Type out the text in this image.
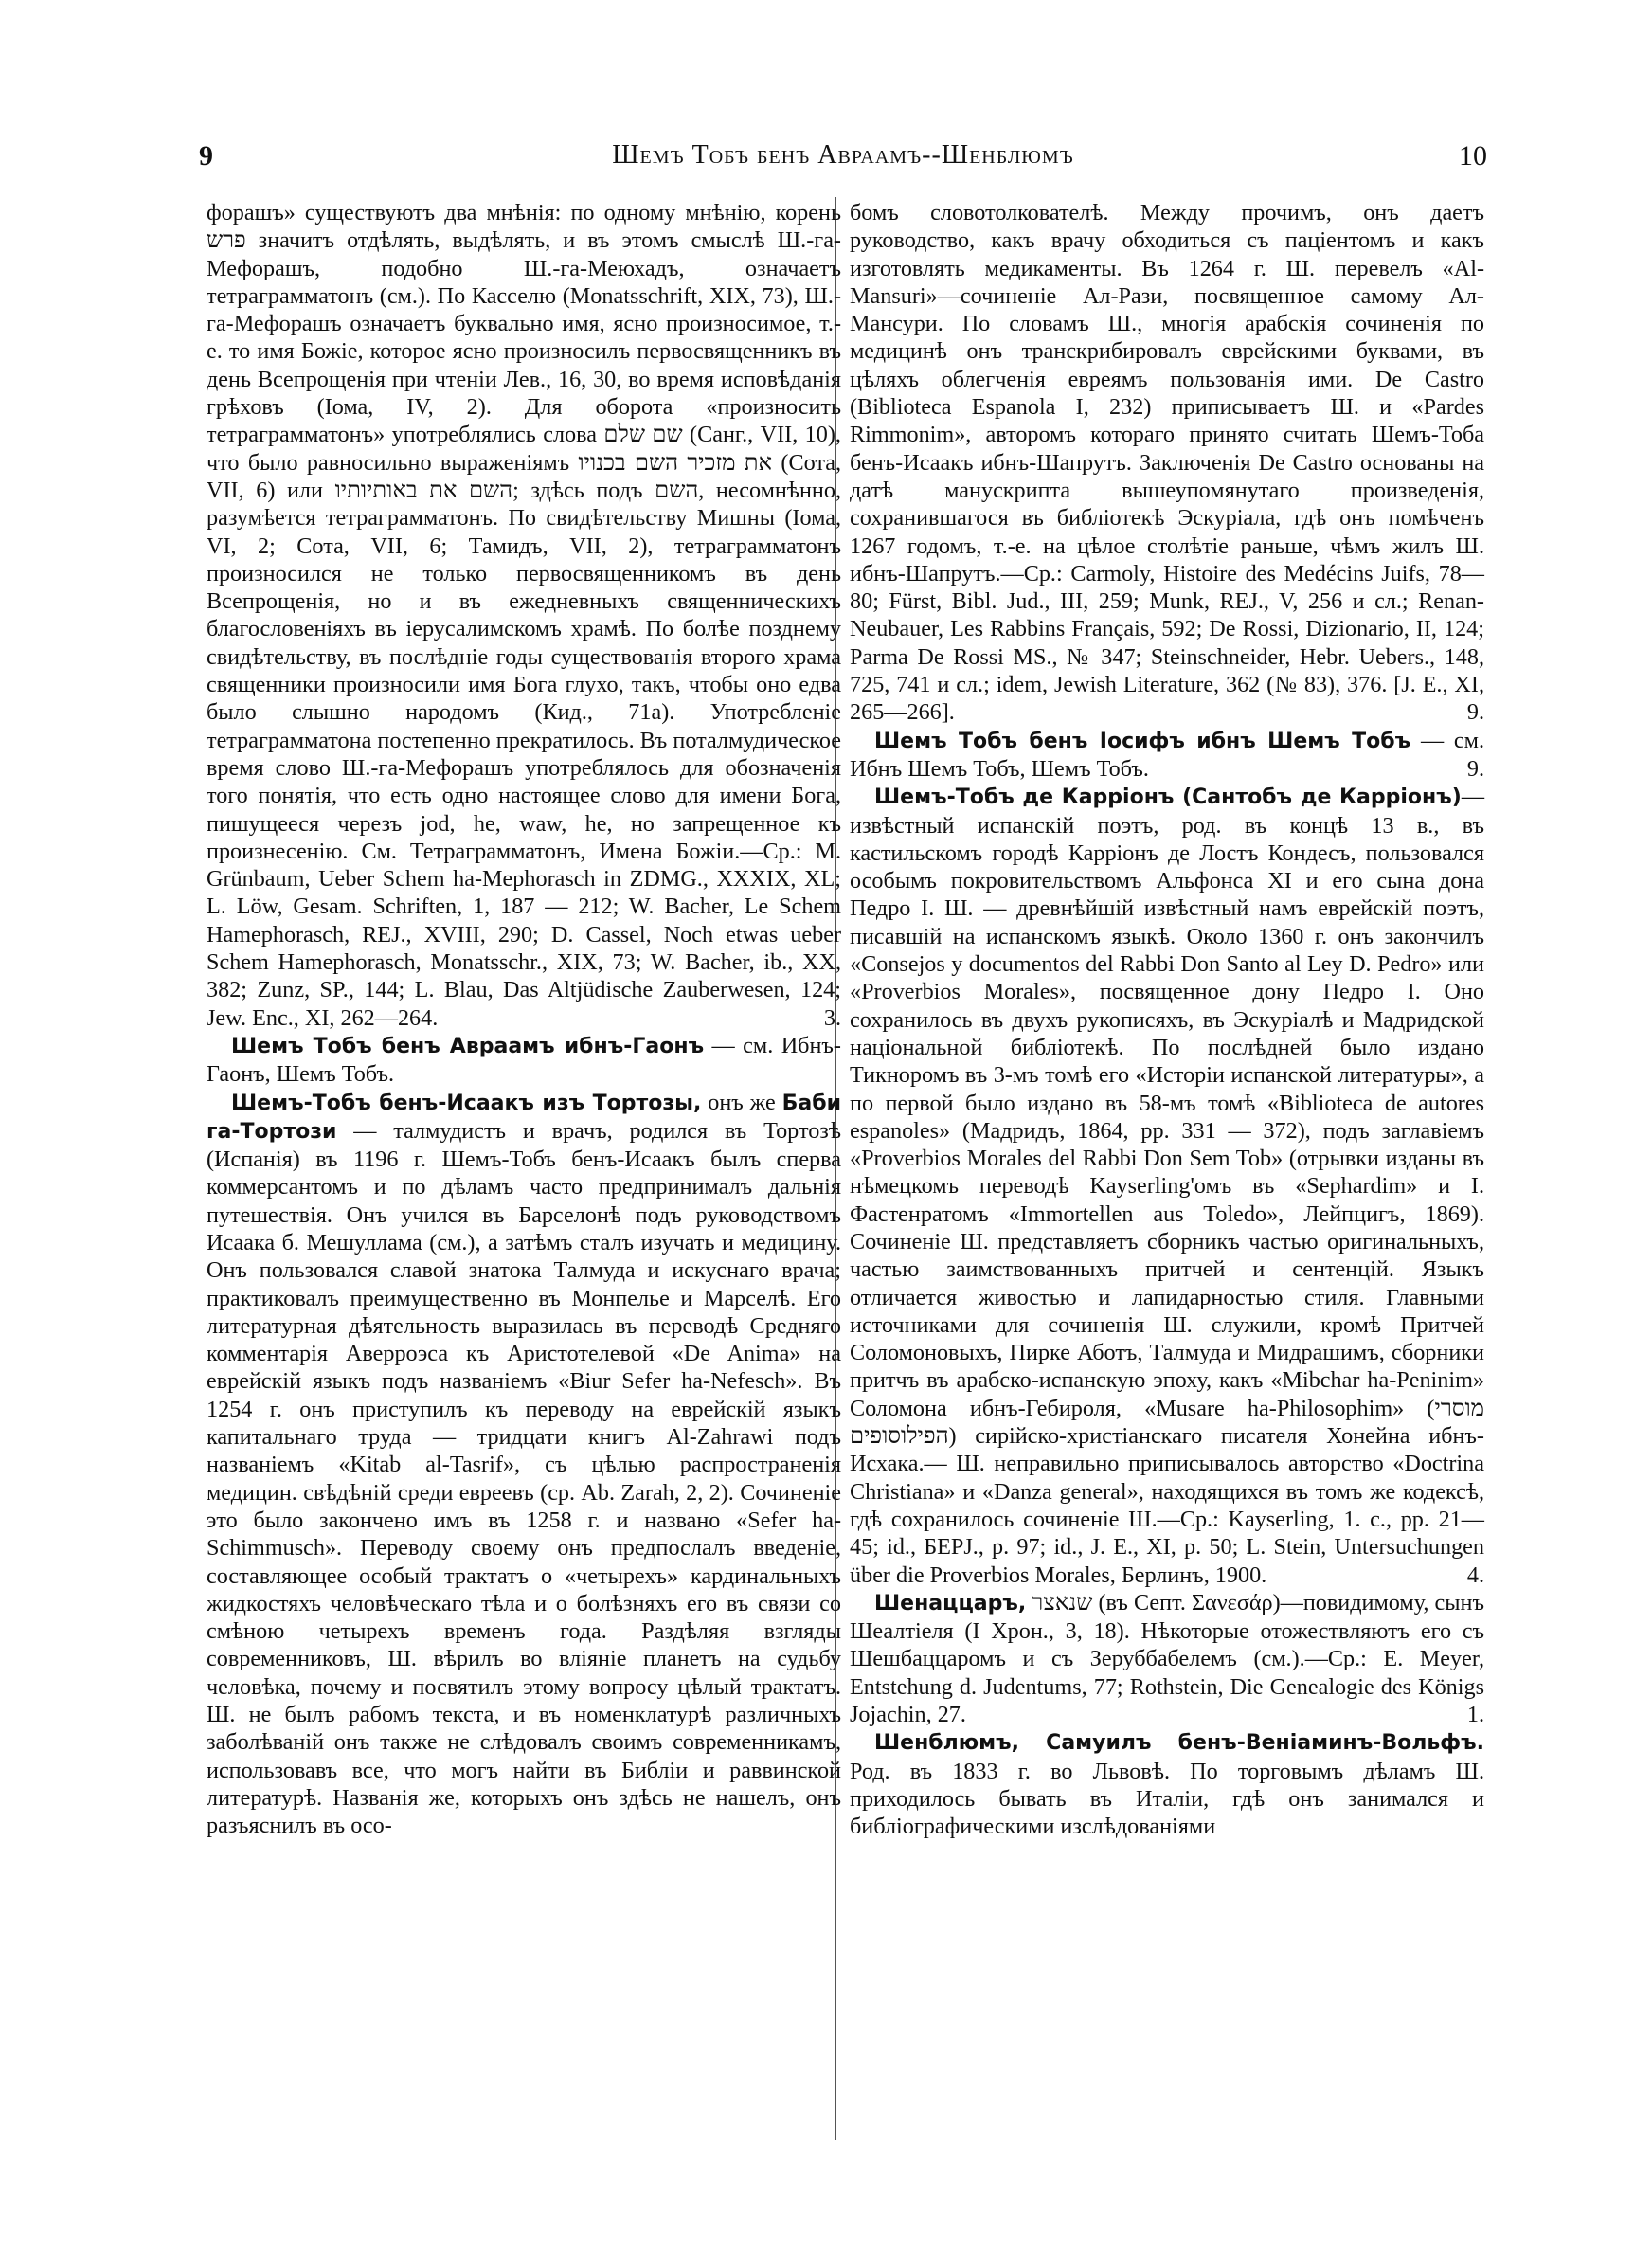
9	Шемъ Тобъ бенъ Авраамъ--Шенблюмъ	10

форашъ» существуютъ два мнѣнія: по одному мнѣнію, корень פרש значитъ отдѣлять, выдѣлять, и въ этомъ смыслѣ Ш.-га-Мефорашъ, подобно Ш.-га-Меюхадъ, означаетъ тетраграмматонъ (см.). По Касселю (Monatsschrift, XIX, 73), Ш.-га-Мефорашъ означаетъ буквально имя, ясно произносимое, т.-е. то имя Божіе, которое ясно произносилъ первосвященникъ въ день Всепрощенія при чтеніи Лев., 16, 30, во время исповѣданія грѣховъ (Іома, IV, 2). Для оборота «произносить тетраграмматонъ» употреблялись слова שם שלם (Санг., VII, 10), что было равносильно выраженіямъ את מזכיר השם בכנויו (Сота, VII, 6) или השם את באותיותיו; здѣсь подъ השם, несомнѣнно, разумѣется тетраграмматонъ. По свидѣтельству Мишны (Іома, VI, 2; Сота, VII, 6; Тамидъ, VII, 2), тетраграмматонъ произносился не только первосвященникомъ въ день Всепрощенія, но и въ ежедневныхъ священническихъ благословеніяхъ въ іерусалимскомъ храмѣ. По болѣе позднему свидѣтельству, въ послѣдніе годы существованія второго храма священники произносили имя Бога глухо, такъ, чтобы оно едва было слышно народомъ (Кид., 71а). Употребленіе тетраграмматона постепенно прекратилось. Въ поталмудическое время слово Ш.-га-Мефорашъ употреблялось для обозначенія того понятія, что есть одно настоящее слово для имени Бога, пишущееся черезъ jod, he, waw, he, но запрещенное къ произнесенію. См. Тетраграмматонъ, Имена Божіи.—Ср.: M. Grünbaum, Ueber Schem ha-Mephorasch in ZDMG., XXXIX, XL; L. Löw, Gesam. Schriften, 1, 187 — 212; W. Bacher, Le Schem Hamephorasch, REJ., XVIII, 290; D. Cassel, Noch etwas ueber Schem Hamephorasch, Monatsschr., XIX, 73; W. Bacher, ib., XX, 382; Zunz, SP., 144; L. Blau, Das Altjüdische Zauberwesen, 124; Jew. Enc., XI, 262—264.	3.

Шемъ Тобъ бенъ Авраамъ ибнъ-Гаонъ — см. Ибнъ-Гаонъ, Шемъ Тобъ.

Шемъ-Тобъ бенъ-Исаакъ изъ Тортозы, онъ же Баби га-Тортози — талмудистъ и врачъ, родился въ Тортозѣ (Испанія) въ 1196 г. Шемъ-Тобъ бенъ-Исаакъ былъ сперва коммерсантомъ и по дѣламъ часто предпринималъ дальнія путешествія. Онъ учился въ Барселонѣ подъ руководствомъ Исаака б. Мешуллама (см.), а затѣмъ сталъ изучать и медицину. Онъ пользовался славой знатока Талмуда и искуснаго врача; практиковалъ преимущественно въ Монпелье и Марселѣ. Его литературная дѣятельность выразилась въ переводѣ Средняго комментарія Аверроэса къ Аристотелевой «De Anima» на еврейскій языкъ подъ названіемъ «Biur Sefer ha-Nefesch». Въ 1254 г. онъ приступилъ къ переводу на еврейскій языкъ капитальнаго труда — тридцати книгъ Al-Zahrawi подъ названіемъ «Kitab al-Tasrif», съ цѣлью распространенія медицин. свѣдѣній среди евреевъ (ср. Ab. Zarah, 2, 2). Сочиненіе это было закончено имъ въ 1258 г. и названо «Sefer ha-Schimmusch». Переводу своему онъ предпослалъ введеніе, составляющее особый трактатъ о «четырехъ» кардинальныхъ жидкостяхъ человѣческаго тѣла и о болѣзняхъ его въ связи со смѣною четырехъ временъ года. Раздѣляя взгляды современниковъ, Ш. вѣрилъ во вліяніе планетъ на судьбу человѣка, почему и посвятилъ этому вопросу цѣлый трактатъ. Ш. не былъ рабомъ текста, и въ номенклатурѣ различныхъ заболѣваній онъ также не слѣдовалъ своимъ современникамъ, использовавъ все, что могъ найти въ Библіи и раввинской литературѣ. Названія же, которыхъ онъ здѣсь не нашелъ, онъ разъяснилъ въ осо-

бомъ словотолкователѣ. Между прочимъ, онъ даетъ руководство, какъ врачу обходиться съ паціентомъ и какъ изготовлять медикаменты. Въ 1264 г. Ш. перевелъ «Al-Mansuri»—сочиненіе Ал-Рази, посвященное самому Ал-Мансури. По словамъ Ш., многія арабскія сочиненія по медицинѣ онъ транскрибировалъ еврейскими буквами, въ цѣляхъ облегченія евреямъ пользованія ими. De Castro (Biblioteca Espanola I, 232) приписываетъ Ш. и «Pardes Rimmonim», авторомъ котораго принято считать Шемъ-Тоба бенъ-Исаакъ ибнъ-Шапрутъ. Заключенія De Castro основаны на датѣ манускрипта вышеупомянутаго произведенія, сохранившагося въ библіотекѣ Эскуріала, гдѣ онъ помѣченъ 1267 годомъ, т.-е. на цѣлое столѣтіе раньше, чѣмъ жилъ Ш. ибнъ-Шапрутъ.—Ср.: Carmoly, Histoire des Medécins Juifs, 78—80; Fürst, Bibl. Jud., III, 259; Munk, REJ., V, 256 и сл.; Renan-Neubauer, Les Rabbins Français, 592; De Rossi, Dizionario, II, 124; Parma De Rossi MS., № 347; Steinschneider, Hebr. Uebers., 148, 725, 741 и сл.; idem, Jewish Literature, 362 (№ 83), 376. [J. E., XI, 265—266].	9.

Шемъ Тобъ бенъ Іосифъ ибнъ Шемъ Тобъ — см. Ибнъ Шемъ Тобъ, Шемъ Тобъ.	9.

Шемъ-Тобъ де Карріонъ (Сантобъ де Карріонъ)—извѣстный испанскій поэтъ, род. въ концѣ 13 в., въ кастильскомъ городѣ Карріонъ де Лостъ Кондесъ, пользовался особымъ покровительствомъ Альфонса XI и его сына дона Педро I. Ш. — древнѣйшій извѣстный намъ еврейскій поэтъ, писавшій на испанскомъ языкѣ. Около 1360 г. онъ закончилъ «Consejos y documentos del Rabbi Don Santo al Ley D. Pedro» или «Proverbios Morales», посвященное дону Педро I. Оно сохранилось въ двухъ рукописяхъ, въ Эскуріалѣ и Мадридской національной библіотекѣ. По послѣдней было издано Тикноромъ въ 3-мъ томѣ его «Исторіи испанской литературы», а по первой было издано въ 58-мъ томѣ «Biblioteca de autores espanoles» (Мадридъ, 1864, pp. 331 — 372), подъ заглавіемъ «Proverbios Morales del Rabbi Don Sem Tob» (отрывки изданы въ нѣмецкомъ переводѣ Kayserling'омъ въ «Sephardim» и I. Фастенратомъ «Immortellen aus Toledo», Лейпцигъ, 1869). Сочиненіе Ш. представляетъ сборникъ частью оригинальныхъ, частью заимствованныхъ притчей и сентенцій. Языкъ отличается живостью и лапидарностью стиля. Главными источниками для сочиненія Ш. служили, кромѣ Притчей Соломоновыхъ, Пирке Аботъ, Талмуда и Мидрашимъ, сборники притчъ въ арабско-испанскую эпоху, какъ «Mibchar ha-Peninim» Соломона ибнъ-Гебироля, «Musare ha-Philosophim» (מוסרי הפילוסופים) сирійско-христіанскаго писателя Хонейна ибнъ-Исхака.— Ш. неправильно приписывалось авторство «Doctrina Christiana» и «Danza general», находящихся въ томъ же кодексѣ, гдѣ сохранилось сочиненіе Ш.—Ср.: Kayserling, 1. c., pp. 21—45; id., БЕРЈ., p. 97; id., J. E., XI, p. 50; L. Stein, Untersuchungen über die Proverbios Morales, Берлинъ, 1900.	4.

Шенаццаръ, שנאצר (въ Септ. Σανεσάρ)—повидимому, сынъ Шеалтіеля (I Хрон., 3, 18). Нѣкоторые отожествляютъ его съ Шешбаццаромъ и съ Зеруббабелемъ (см.).—Ср.: E. Meyer, Entstehung d. Judentums, 77; Rothstein, Die Genealogie des Königs Jojachin, 27.	1.

Шенблюмъ, Самуилъ бенъ-Веніаминъ-Вольфъ. Род. въ 1833 г. во Львовѣ. По торговымъ дѣламъ Ш. приходилось бывать въ Италіи, гдѣ онъ занимался и библіографическими изслѣдованіями
